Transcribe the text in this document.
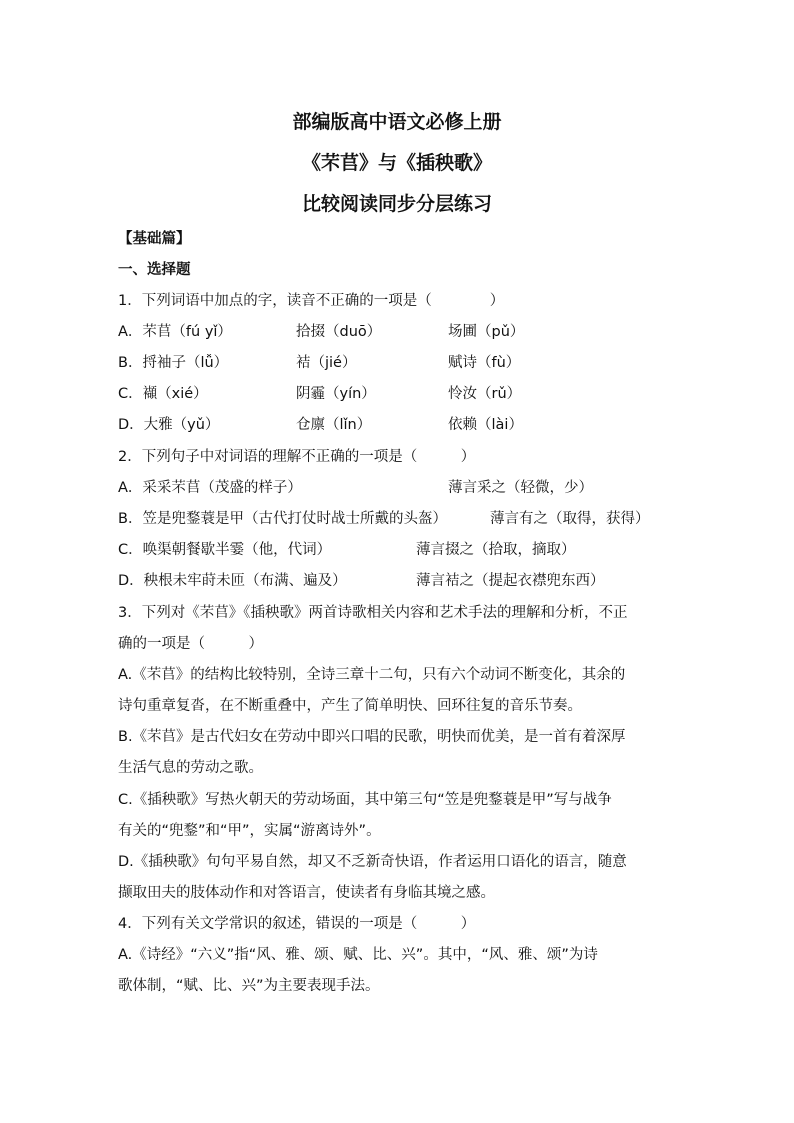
部编版高中语文必修上册
《芣苢》与《插秧歌》
比较阅读同步分层练习
【基础篇】
一、选择题
1．下列词语中加点的字，读音不正确的一项是（　　　　）
A．芣苢（fú yǐ）	拾掇（duō）	场圃（pǔ）
B．捋袖子（lǚ）	袺（jié）	赋诗（fù）
C．襭（xié）	阴霾（yín）	怜汝（rǔ）
D．大雅（yǔ）	仓廪（lǐn）	依赖（lài）
2．下列句子中对词语的理解不正确的一项是（　　　）
A．采采芣苢（茂盛的样子）	薄言采之（轻微，少）
B．笠是兜鍪蓑是甲（古代打仗时战士所戴的头盔）	薄言有之（取得，获得）
C．唤渠朝餐歇半霎（他，代词）	薄言掇之（拾取，摘取）
D．秧根未牢莳未匝（布满、遍及）	薄言袺之（提起衣襟兜东西）
3．下列对《芣苢》《插秧歌》两首诗歌相关内容和艺术手法的理解和分析，不正
确的一项是（　　　）
A.《芣苢》的结构比较特别，全诗三章十二句，只有六个动词不断变化，其余的
诗句重章复沓，在不断重叠中，产生了简单明快、回环往复的音乐节奏。
B.《芣苢》是古代妇女在劳动中即兴口唱的民歌，明快而优美，是一首有着深厚
生活气息的劳动之歌。
C.《插秧歌》写热火朝天的劳动场面，其中第三句“笠是兜鍪蓑是甲”写与战争
有关的“兜鍪”和“甲”，实属“游离诗外”。
D.《插秧歌》句句平易自然，却又不乏新奇快语，作者运用口语化的语言，随意
撷取田夫的肢体动作和对答语言，使读者有身临其境之感。
4．下列有关文学常识的叙述，错误的一项是（　　　）
A.《诗经》“六义”指“风、雅、颂、赋、比、兴”。其中，“风、雅、颂”为诗
歌体制，“赋、比、兴”为主要表现手法。
